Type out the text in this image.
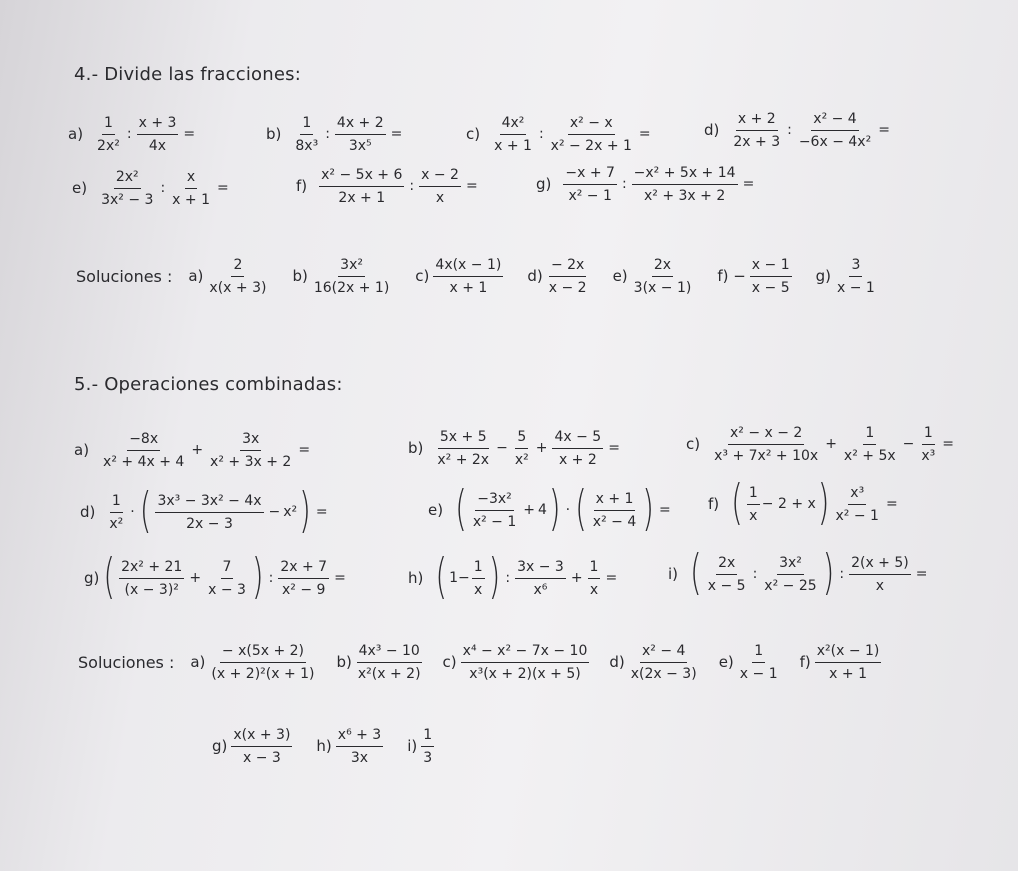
4.- Divide las fracciones:
$a) \frac{1}{\text{2x²}}$ : $\frac{x + 3}{4x}$ =	$b) \frac{1}{\text{8x³}}$ : $\frac{4x + 2}{\text{3x⁵}}$ =	$c) \frac{\text{4x²}}{x + 1}$ : $\frac{\text{x² − x}}{\text{x² − 2x + 1}}$ =	$d) \frac{x + 2}{2x + 3}$ : $\frac{\text{x² − 4}}{\text{−6x − 4x²}}$ =
$e) \frac{\text{2x²}}{\text{3x² − 3}}$ : $\frac{x}{x + 1}$ =	$f) \frac{\text{x² − 5x + 6}}{2x + 1}$ : $\frac{x - 2}{x}$ =	$g) \frac{-x + 7}{\text{x² − 1}}$ : $\frac{\text{−x² + 5x + 14}}{\text{x² + 3x + 2}}$ =
Soluciones : $a) \frac{2}{x(x + 3)} b) \frac{\text{3x²}}{16(2x + 1)} c) \frac{4x(x - 1)}{x + 1} d) \frac{- 2x}{x - 2} e) \frac{2x}{3(x - 1)} f) - \frac{x - 1}{x - 5} g) \frac{3}{x - 1}$
5.- Operaciones combinadas:
$a) \frac{-8x}{\text{x² + 4x + 4}} + \frac{3x}{\text{x² + 3x + 2}}$ =	$b) \frac{5x + 5}{\text{x² + 2x}} - \frac{5}{\text{x²}} + \frac{4x - 5}{x + 2}$ =	$c) \frac{\text{x² − x − 2}}{\text{x³ + 7x² + 10x}} + \frac{1}{\text{x² + 5x}} - \frac{1}{\text{x³}}$ =
$d) \frac{1}{\text{x²}}$ · ( $\frac{\text{3x³ − 3x² − 4x}}{2x - 3} - x^2$ ) =	e) ( $\frac{\text{−3x²}}{\text{x² − 1}} + 4$ ) · ( $\frac{x + 1}{\text{x² − 4}}$ ) = f) ( $\frac{1}{x} - 2 + x$ ) $\frac{\text{x³}}{\text{x² − 1}}$ =
g) ( $\frac{\text{2x² + 21}}{\text{(x − 3)²}} + \frac{7}{x - 3}$ ) : $\frac{2x + 7}{\text{x² − 9}}$ =	h) ( $1- \frac{1}{x}$ ) : $\frac{3x - 3}{\text{x⁶}} + \frac{1}{x}$ =	i) ( $\frac{2x}{x - 5}$ : $\frac{\text{3x²}}{\text{x² − 25}}$ ) : $\frac{2(x + 5)}{x}$ =
Soluciones : $a) \frac{- x(5x + 2)}{\text{(x + 2)²(x + 1)}} b) \frac{\text{4x³ − 10}}{\text{x²(x + 2)}} c) \frac{\text{x⁴ − x² − 7x − 10}}{\text{x³(x + 2)(x + 5)}} d) \frac{\text{x² − 4}}{x(2x - 3)} e) \frac{1}{x - 1} f) \frac{\text{x²(x − 1)}}{x + 1}$
$g) \frac{x(x + 3)}{x - 3} h) \frac{\text{x⁶ + 3}}{3x} i) \frac{1}{3}$
